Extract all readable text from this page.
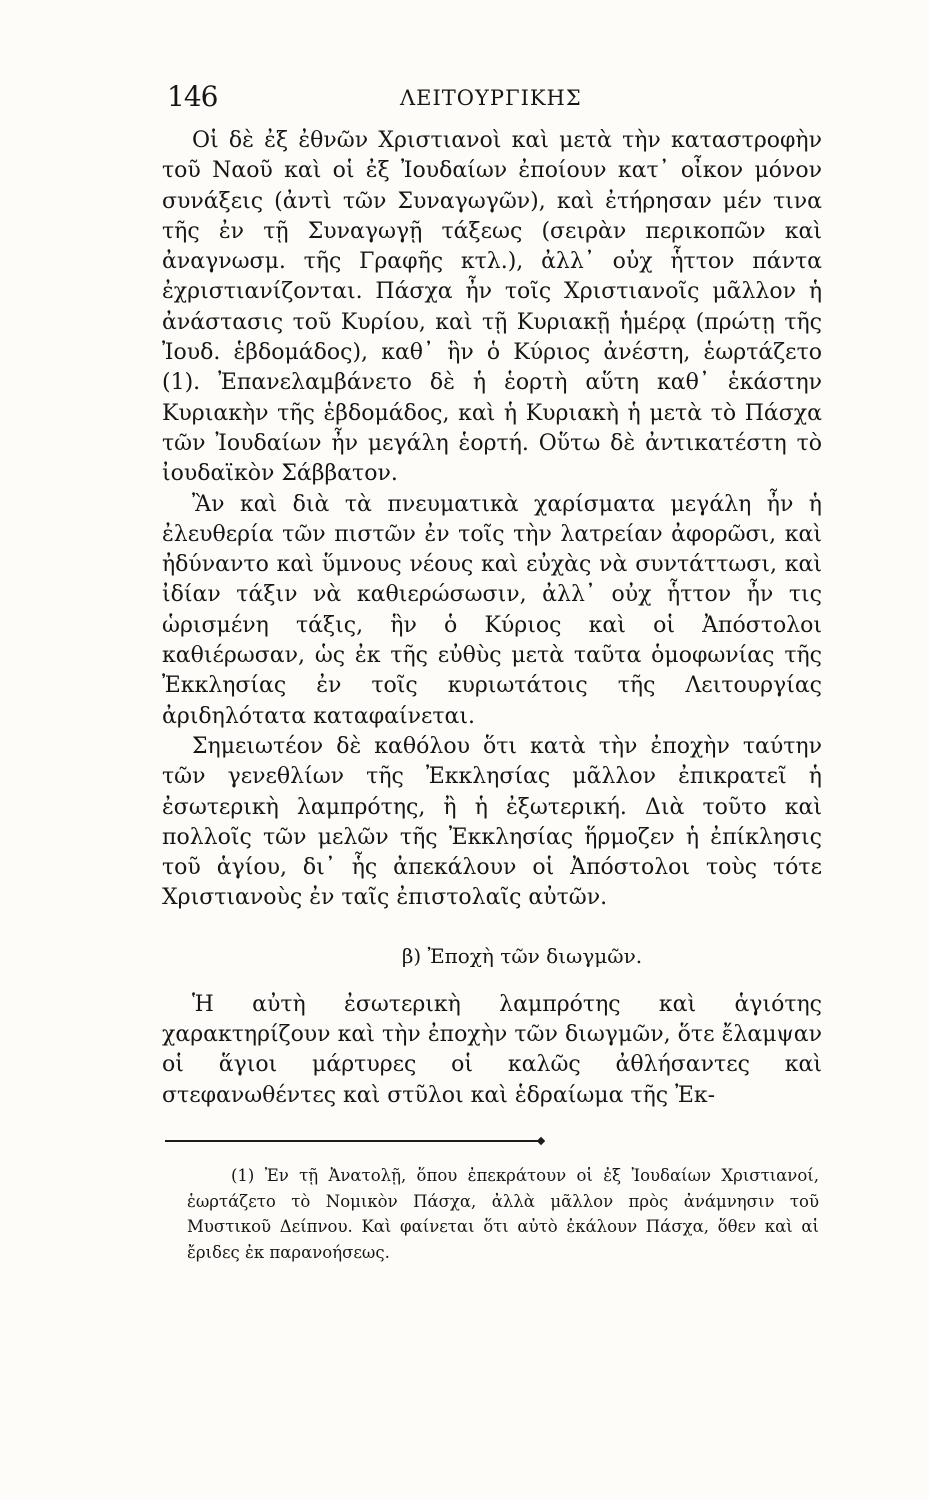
146	ΛΕΙΤΟΥΡΓΙΚΗΣ

Οἱ δὲ ἐξ ἐθνῶν Χριστιανοὶ καὶ μετὰ τὴν καταστροφὴν τοῦ Ναοῦ καὶ οἱ ἐξ Ἰουδαίων ἐποίουν κατ᾿ οἶκον μόνον συνάξεις (ἀντὶ τῶν Συναγωγῶν), καὶ ἐτήρησαν μέν τινα τῆς ἐν τῇ Συναγωγῇ τάξεως (σειρὰν περικοπῶν καὶ ἀναγνωσμ. τῆς Γραφῆς κτλ.), ἀλλ᾿ οὐχ ἧττον πάντα ἐχριστιανίζονται. Πάσχα ἦν τοῖς Χριστιανοῖς μᾶλλον ἡ ἀνάστασις τοῦ Κυρίου, καὶ τῇ Κυριακῇ ἡμέρᾳ (πρώτῃ τῆς Ἰουδ. ἑβδομάδος), καθ᾿ ἣν ὁ Κύριος ἀνέστη, ἑωρτάζετο (1). Ἐπανελαμβάνετο δὲ ἡ ἑορτὴ αὕτη καθ᾿ ἑκάστην Κυριακὴν τῆς ἑβδομάδος, καὶ ἡ Κυριακὴ ἡ μετὰ τὸ Πάσχα τῶν Ἰουδαίων ἦν μεγάλη ἑορτή. Οὕτω δὲ ἀντικατέστη τὸ ἰουδαϊκὸν Σάββατον.

Ἂν καὶ διὰ τὰ πνευματικὰ χαρίσματα μεγάλη ἦν ἡ ἐλευθερία τῶν πιστῶν ἐν τοῖς τὴν λατρείαν ἀφορῶσι, καὶ ἠδύναντο καὶ ὕμνους νέους καὶ εὐχὰς νὰ συντάττωσι, καὶ ἰδίαν τάξιν νὰ καθιερώσωσιν, ἀλλ᾿ οὐχ ἧττον ἦν τις ὡρισμένη τάξις, ἣν ὁ Κύριος καὶ οἱ Ἀπόστολοι καθιέρωσαν, ὡς ἐκ τῆς εὐθὺς μετὰ ταῦτα ὁμοφωνίας τῆς Ἐκκλησίας ἐν τοῖς κυριωτάτοις τῆς Λειτουργίας ἀριδηλότατα καταφαίνεται.

Σημειωτέον δὲ καθόλου ὅτι κατὰ τὴν ἐποχὴν ταύτην τῶν γενεθλίων τῆς Ἐκκλησίας μᾶλλον ἐπικρατεῖ ἡ ἐσωτερικὴ λαμπρότης, ἢ ἡ ἐξωτερική. Διὰ τοῦτο καὶ πολλοῖς τῶν μελῶν τῆς Ἐκκλησίας ἥρμοζεν ἡ ἐπίκλησις τοῦ ἁγίου, δι᾿ ἧς ἀπεκάλουν οἱ Ἀπόστολοι τοὺς τότε Χριστιανοὺς ἐν ταῖς ἐπιστολαῖς αὐτῶν.

β) Ἐποχὴ τῶν διωγμῶν.

Ἡ αὐτὴ ἐσωτερικὴ λαμπρότης καὶ ἁγιότης χαρακτηρίζουν καὶ τὴν ἐποχὴν τῶν διωγμῶν, ὅτε ἔλαμψαν οἱ ἅγιοι μάρτυρες οἱ καλῶς ἀθλήσαντες καὶ στεφανωθέντες καὶ στῦλοι καὶ ἑδραίωμα τῆς Ἐκ-

(1) Ἐν τῇ Ἀνατολῇ, ὅπου ἐπεκράτουν οἱ ἐξ Ἰουδαίων Χριστιανοί, ἑωρτάζετο τὸ Νομικὸν Πάσχα, ἀλλὰ μᾶλλον πρὸς ἀνάμνησιν τοῦ Μυστικοῦ Δείπνου. Καὶ φαίνεται ὅτι αὐτὸ ἐκάλουν Πάσχα, ὅθεν καὶ αἱ ἔριδες ἐκ παρανοήσεως.
